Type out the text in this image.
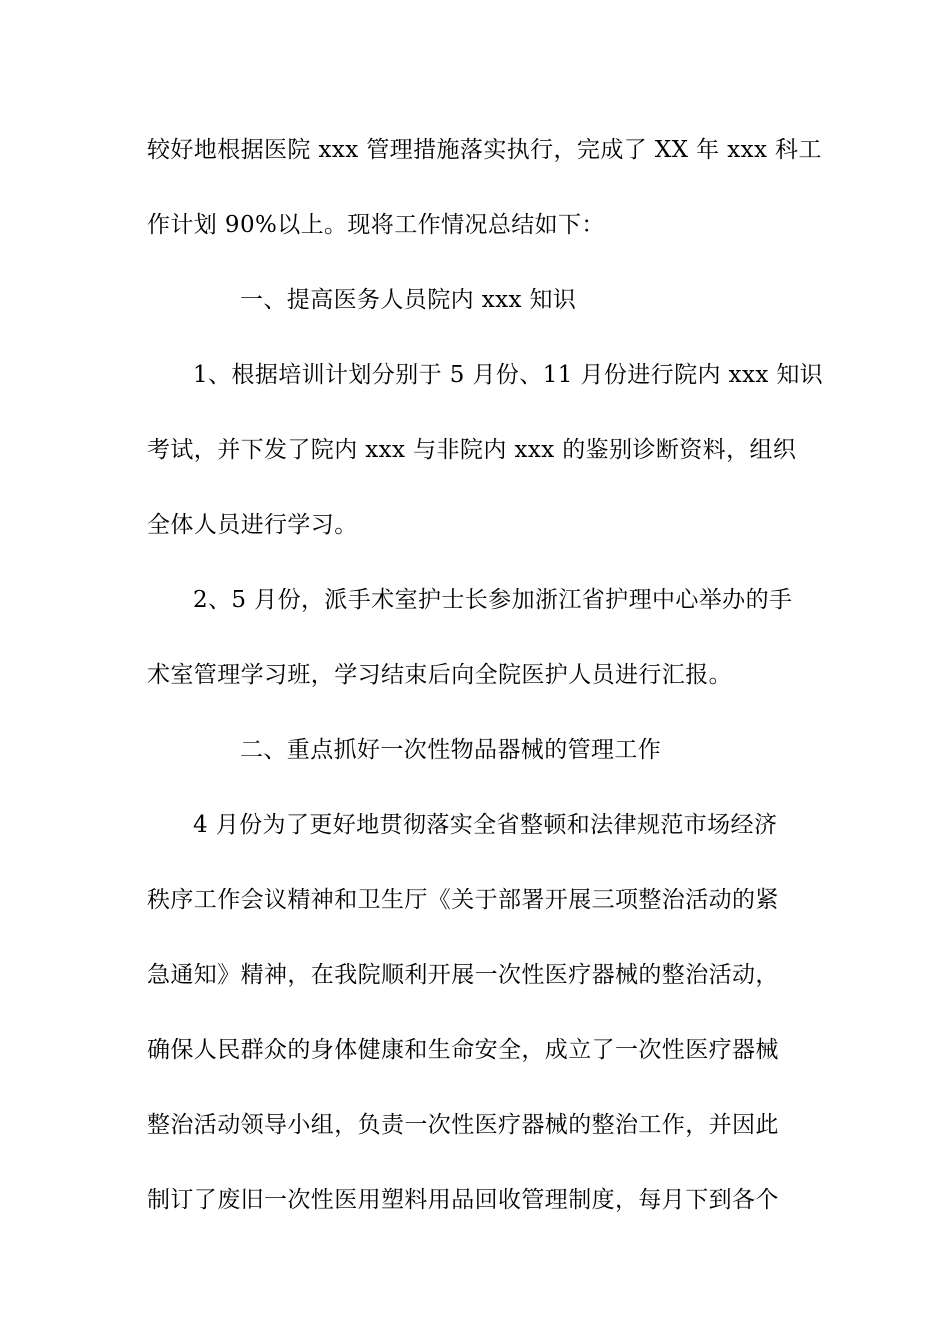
较好地根据医院 xxx 管理措施落实执行，完成了 XX 年 xxx 科工
作计划 90%以上。现将工作情况总结如下：
一、提高医务人员院内 xxx 知识
1、根据培训计划分别于 5 月份、11 月份进行院内 xxx 知识
考试，并下发了院内 xxx 与非院内 xxx 的鉴别诊断资料，组织
全体人员进行学习。
2、5 月份，派手术室护士长参加浙江省护理中心举办的手
术室管理学习班，学习结束后向全院医护人员进行汇报。
二、重点抓好一次性物品器械的管理工作
4 月份为了更好地贯彻落实全省整顿和法律规范市场经济
秩序工作会议精神和卫生厅《关于部署开展三项整治活动的紧
急通知》精神，在我院顺利开展一次性医疗器械的整治活动，
确保人民群众的身体健康和生命安全，成立了一次性医疗器械
整治活动领导小组，负责一次性医疗器械的整治工作，并因此
制订了废旧一次性医用塑料用品回收管理制度，每月下到各个
